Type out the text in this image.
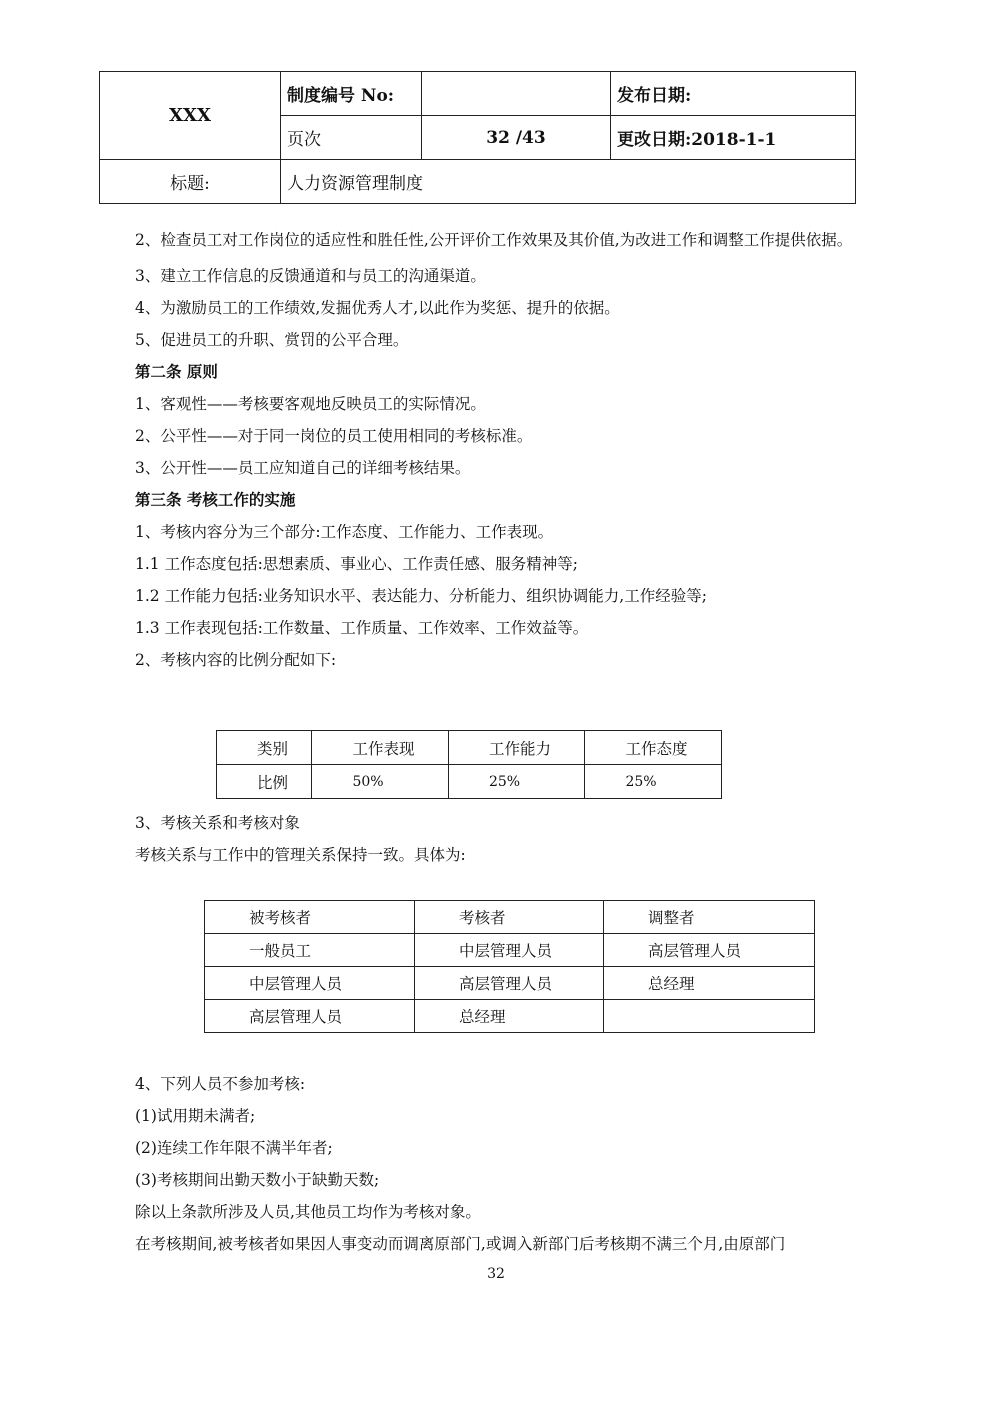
XXX	制度编号 No:		发布日期:
	页次	32 /43	更改日期:2018-1-1
标题:	人力资源管理制度		

2、检查员工对工作岗位的适应性和胜任性,公开评价工作效果及其价值,为改进工作和调整工作提供依据。

3、建立工作信息的反馈通道和与员工的沟通渠道。

4、为激励员工的工作绩效,发掘优秀人才,以此作为奖惩、提升的依据。

5、促进员工的升职、赏罚的公平合理。

第二条 原则

1、客观性——考核要客观地反映员工的实际情况。

2、公平性——对于同一岗位的员工使用相同的考核标准。

3、公开性——员工应知道自己的详细考核结果。

第三条 考核工作的实施

1、考核内容分为三个部分:工作态度、工作能力、工作表现。

1.1 工作态度包括:思想素质、事业心、工作责任感、服务精神等;

1.2 工作能力包括:业务知识水平、表达能力、分析能力、组织协调能力,工作经验等;

1.3 工作表现包括:工作数量、工作质量、工作效率、工作效益等。

2、考核内容的比例分配如下:

类别	工作表现	工作能力	工作态度
比例	50%	25%	25%

3、考核关系和考核对象

考核关系与工作中的管理关系保持一致。具体为:

被考核者	考核者	调整者
一般员工	中层管理人员	高层管理人员
中层管理人员	高层管理人员	总经理
高层管理人员	总经理	

4、下列人员不参加考核:

(1)试用期未满者;

(2)连续工作年限不满半年者;

(3)考核期间出勤天数小于缺勤天数;

除以上条款所涉及人员,其他员工均作为考核对象。

在考核期间,被考核者如果因人事变动而调离原部门,或调入新部门后考核期不满三个月,由原部门

32
